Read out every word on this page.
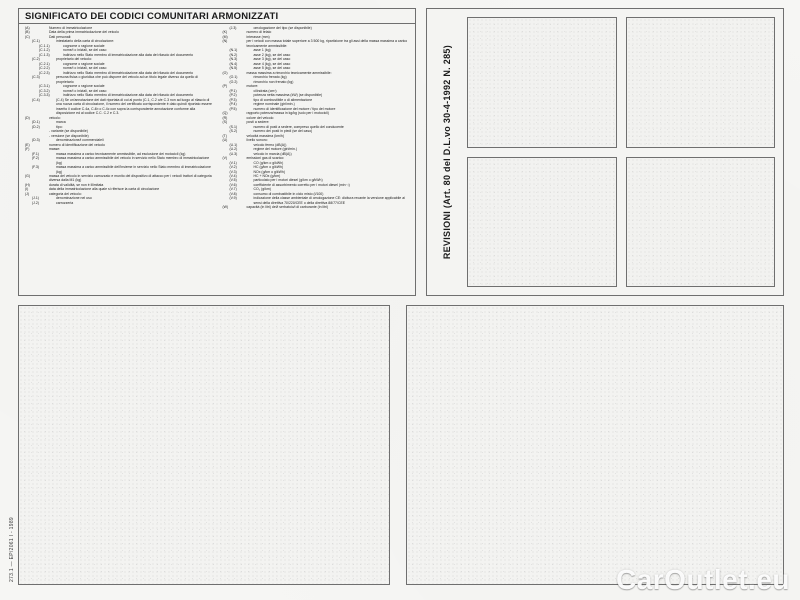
SIGNIFICATO DEI CODICI COMUNITARI ARMONIZZATI
(A)	Numero di immatricolazione
(B)	Data della prima immatricolazione del veicolo
(C)	Dati personali:
(C.1)	intestatario della carta di circolazione:
(C.1.1)	cognome o ragione sociale
(C.1.2)	nome/i o iniziali, se del caso
(C.1.3)	indirizzo nello Stato membro di immatricolazione alla data del rilascio del documento
(C.2)	proprietario del veicolo:
(C.2.1)	cognome o ragione sociale
(C.2.2)	nome/i o iniziali, se del caso
(C.2.3)	indirizzo nello Stato membro di immatricolazione alla data del rilascio del documento
(C.3)	persona fisica o giuridica che può disporre del veicolo ad un titolo legale diverso da quello di proprietario
(C.3.1)	cognome o ragione sociale
(C.3.2)	nome/i o iniziali, se del caso
(C.3.3)	indirizzo nello Stato membro di immatricolazione alla data del rilascio del documento
(C.4)	(C.4) Se un'annotazione dei dati riportata di cui al punto (C.1, C.2 o/e C.3 non ad luogo al rilascio di una nuova carta di circolazione, il numero del certificato corrispondente è dato quindi riportato essere inserito il codice C.4a, C.4b o C.4c con sopra la corrispondente annotazione conforme alla disposizione ed al codice C.C. C.2 e C.3.
(D)	veicolo:
(D.1)	marca
(D.2)	tipo:
- variante (se disponibile)
- versione (se disponibile)
(D.3)	denominazione/i commerciale/i
(E)	numero di identificazione del veicolo
(F)	masse:
(F.1)	massa massima a carico tecnicamente ammissibile, ad esclusione dei motocicli (kg)
(F.2)	massa massima a carico ammissibile del veicolo in servizio nello Stato membro di immatricolazione (kg)
(F.3)	massa massima a carico ammissibile dell'insieme in servizio nello Stato membro di immatricolazione (kg)
(G)	massa del veicolo in servizio carrozzato e munito del dispositivo di attacco per i veicoli trattori di categoria diversa dalla M1 (kg)
(H)	durata di validità, se non è illimitata
(I)	data della immatricolazione alla quale si riferisce la carta di circolazione
(J)	categoria del veicolo:
(J.1)	denominazione nel uso
(J.2)	carrozzeria
(J.3)	omologazione del tipo (se disponibile)
(K)	numero di telaio
(M)	interasse (mm)
(N)	per i veicoli con massa totale superiore a 3 500 kg, ripartizione tra gli assi della massa massima a carico tecnicamente ammissibile:
(N.1)	asse 1 (kg)
(N.2)	asse 2 (kg), se del caso
(N.3)	asse 3 (kg), se del caso
(N.4)	asse 4 (kg), se del caso
(N.5)	asse 5 (kg), se del caso
(O)	massa massima a rimorchio tecnicamente ammissibile:
(O.1)	rimorchio frenato (kg)
(O.2)	rimorchio non frenato (kg)
(P)	motore:
(P.1)	cilindrata (cm³)
(P.2)	potenza netta massima (kW) (se disponibile)
(P.3)	tipo di combustibile o di alimentazione
(P.4)	regime nominale (giri/min.)
(P.5)	numero di identificazione del motore / tipo del motore
(Q)	rapporto potenza/massa in kg/kg (solo per i motocicli)
(R)	colore del veicolo
(S)	posti a sedere:
(S.1)	numero di posti a sedere, compreso quello del conducente
(S.2)	numero dei posti in piedi (se del caso)
(T)	velocità massima (km/h)
(U)	livello sonoro:
(U.1)	veicolo fermo (dB(A))
(U.2)	regime del motore (giri/min.)
(U.3)	veicolo in marcia (dB(A))
(V)	emissioni gas di scarico:
(V.1)	CO (g/km o g/kWh)
(V.2)	HC (g/km o g/kWh)
(V.3)	NOx (g/km o g/kWh)
(V.4)	HC + NOx (g/km)
(V.5)	particolato per i motori diesel (g/km o g/kWh)
(V.6)	coefficiente di assorbimento corretto per i motori diesel (min⁻¹)
(V.7)	CO₂ (g/km)
(V.8)	consumo di combustibile in ciclo misto (l/100)
(V.9)	indicazione della classe ambientale di omologazione CE: dicitura recante la versione applicabile ai sensi della direttiva 70/220/CEE o della direttiva 88/77/CEE
(W)	capacità (in litri) del/i serbatoio/i di carburante (in litri)	REVISIONI (Art. 80 del D.L.vo 30-4-1992 N. 285)
273.1 — EP/2061 I - 1989	CarOutlet.eu
